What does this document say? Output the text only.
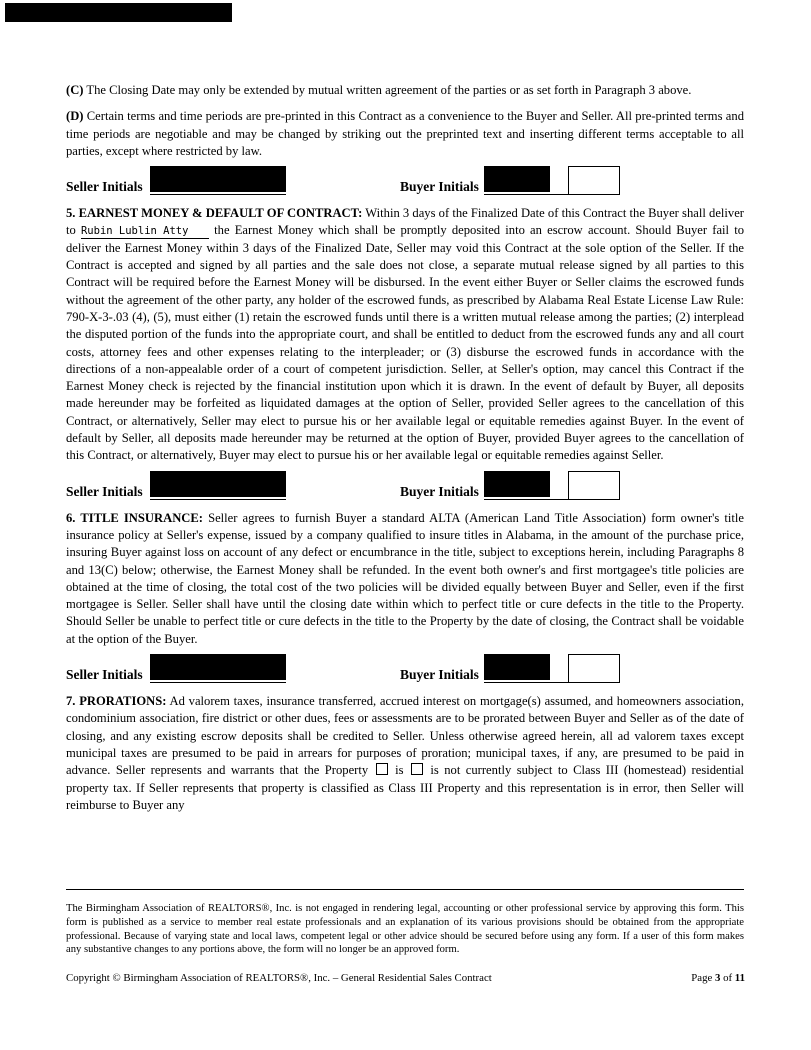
(C) The Closing Date may only be extended by mutual written agreement of the parties or as set forth in Paragraph 3 above.

(D) Certain terms and time periods are pre-printed in this Contract as a convenience to the Buyer and Seller. All pre-printed terms and time periods are negotiable and may be changed by striking out the preprinted text and inserting different terms acceptable to all parties, except where restricted by law.

Seller Initials	Buyer Initials

5. EARNEST MONEY & DEFAULT OF CONTRACT: Within 3 days of the Finalized Date of this Contract the Buyer shall deliver to Rubin Lublin Atty the Earnest Money which shall be promptly deposited into an escrow account. Should Buyer fail to deliver the Earnest Money within 3 days of the Finalized Date, Seller may void this Contract at the sole option of the Seller. If the Contract is accepted and signed by all parties and the sale does not close, a separate mutual release signed by all parties to this Contract will be required before the Earnest Money will be disbursed. In the event either Buyer or Seller claims the escrowed funds without the agreement of the other party, any holder of the escrowed funds, as prescribed by Alabama Real Estate License Law Rule: 790-X-3-.03 (4), (5), must either (1) retain the escrowed funds until there is a written mutual release among the parties; (2) interplead the disputed portion of the funds into the appropriate court, and shall be entitled to deduct from the escrowed funds any and all court costs, attorney fees and other expenses relating to the interpleader; or (3) disburse the escrowed funds in accordance with the directions of a non-appealable order of a court of competent jurisdiction. Seller, at Seller's option, may cancel this Contract if the Earnest Money check is rejected by the financial institution upon which it is drawn. In the event of default by Buyer, all deposits made hereunder may be forfeited as liquidated damages at the option of Seller, provided Seller agrees to the cancellation of this Contract, or alternatively, Seller may elect to pursue his or her available legal or equitable remedies against Buyer. In the event of default by Seller, all deposits made hereunder may be returned at the option of Buyer, provided Buyer agrees to the cancellation of this Contract, or alternatively, Buyer may elect to pursue his or her available legal or equitable remedies against Seller.

Seller Initials	Buyer Initials

6. TITLE INSURANCE: Seller agrees to furnish Buyer a standard ALTA (American Land Title Association) form owner's title insurance policy at Seller's expense, issued by a company qualified to insure titles in Alabama, in the amount of the purchase price, insuring Buyer against loss on account of any defect or encumbrance in the title, subject to exceptions herein, including Paragraphs 8 and 13(C) below; otherwise, the Earnest Money shall be refunded. In the event both owner's and first mortgagee's title policies are obtained at the time of closing, the total cost of the two policies will be divided equally between Buyer and Seller, even if the first mortgagee is Seller. Seller shall have until the closing date within which to perfect title or cure defects in the title to the Property. Should Seller be unable to perfect title or cure defects in the title to the Property by the date of closing, the Contract shall be voidable at the option of the Buyer.

Seller Initials	Buyer Initials

7. PRORATIONS: Ad valorem taxes, insurance transferred, accrued interest on mortgage(s) assumed, and homeowners association, condominium association, fire district or other dues, fees or assessments are to be prorated between Buyer and Seller as of the date of closing, and any existing escrow deposits shall be credited to Seller. Unless otherwise agreed herein, all ad valorem taxes except municipal taxes are presumed to be paid in arrears for purposes of proration; municipal taxes, if any, are presumed to be paid in advance. Seller represents and warrants that the Property  is  is not currently subject to Class III (homestead) residential property tax. If Seller represents that property is classified as Class III Property and this representation is in error, then Seller will reimburse to Buyer any

The Birmingham Association of REALTORS®, Inc. is not engaged in rendering legal, accounting or other professional service by approving this form. This form is published as a service to member real estate professionals and an explanation of its various provisions should be obtained from the appropriate professional. Because of varying state and local laws, competent legal or other advice should be secured before using any form. If a user of this form makes any substantive changes to any portions above, the form will no longer be an approved form.

Copyright © Birmingham Association of REALTORS®, Inc. – General Residential Sales Contract	Page 3 of 11
